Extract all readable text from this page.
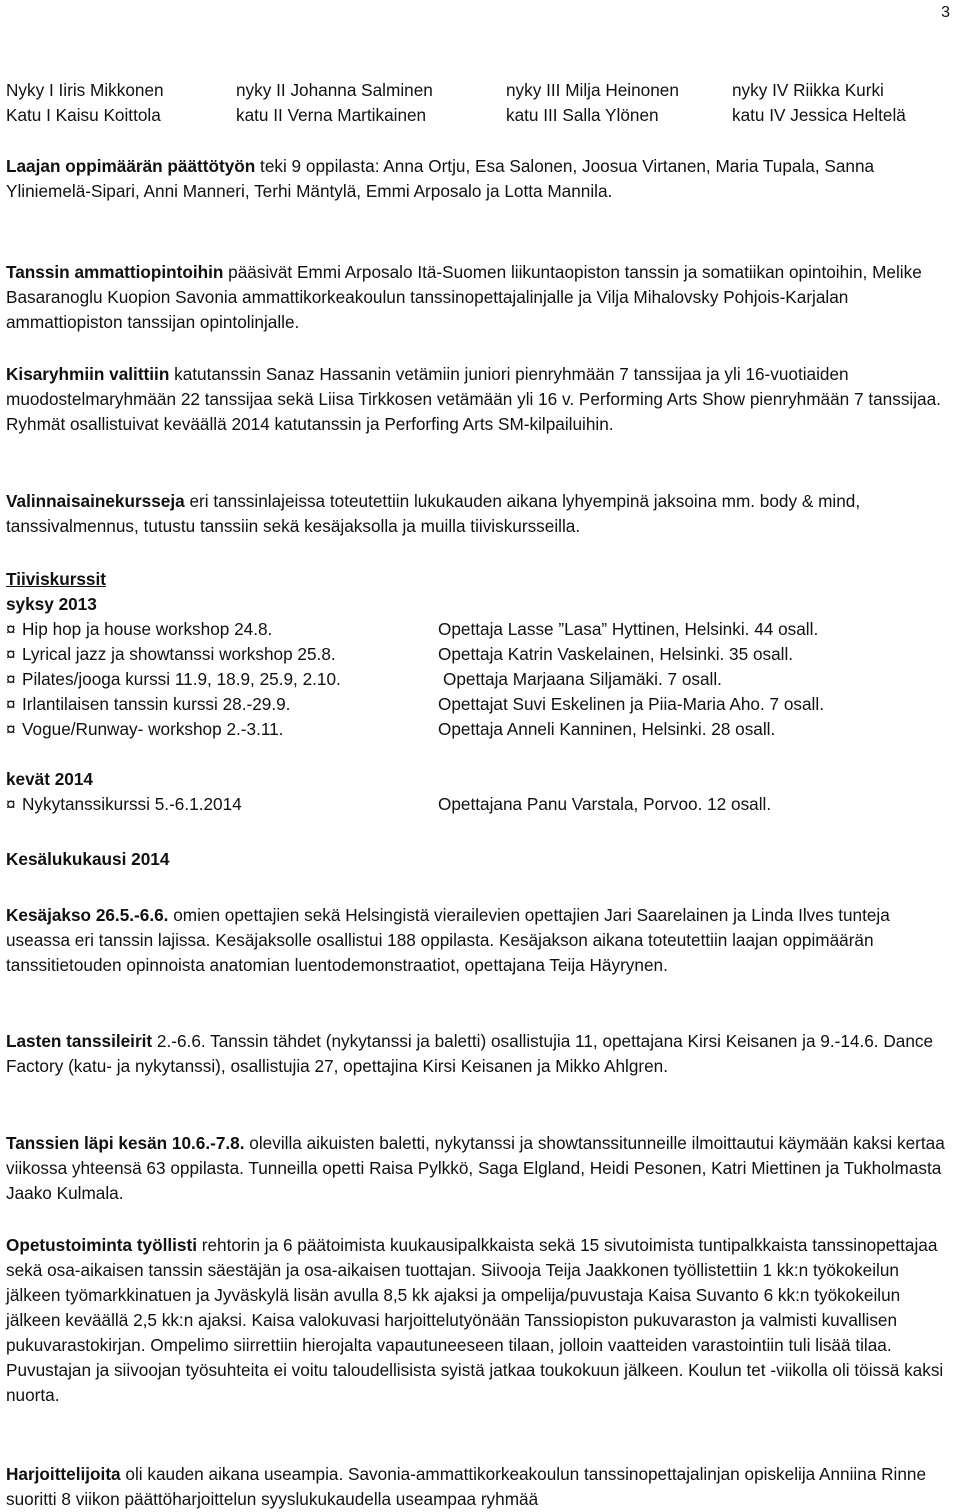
3
Nyky I Iiris Mikkonen	nyky II Johanna Salminen	nyky III Milja Heinonen	nyky IV Riikka Kurki
Katu I Kaisu Koittola	katu II Verna Martikainen	katu III Salla Ylönen	katu IV Jessica Heltelä

Laajan oppimäärän päättötyön teki 9 oppilasta: Anna Ortju, Esa Salonen, Joosua Virtanen, Maria Tupala, Sanna Yliniemelä-Sipari, Anni Manneri, Terhi Mäntylä, Emmi Arposalo ja Lotta Mannila.

Tanssin ammattiopintoihin pääsivät Emmi Arposalo Itä-Suomen liikuntaopiston tanssin ja somatiikan opintoihin, Melike Basaranoglu Kuopion Savonia ammattikorkeakoulun tanssinopettajalinjalle ja Vilja Mihalovsky Pohjois-Karjalan ammattiopiston tanssijan opintolinjalle.

Kisaryhmiin valittiin katutanssin Sanaz Hassanin vetämiin juniori pienryhmään 7 tanssijaa ja yli 16-vuotiaiden muodostelmaryhmään 22 tanssijaa sekä Liisa Tirkkosen vetämään yli 16 v. Performing Arts Show pienryhmään 7 tanssijaa. Ryhmät osallistuivat keväällä 2014 katutanssin ja Perforfing Arts SM-kilpailuihin.

Valinnaisainekursseja eri tanssinlajeissa toteutettiin lukukauden aikana lyhyempinä jaksoina mm. body & mind, tanssivalmennus, tutustu tanssiin sekä kesäjaksolla ja muilla tiiviskursseilla.

Tiiviskurssit
syksy 2013
¤ Hip hop ja house workshop 24.8.	Opettaja Lasse ”Lasa” Hyttinen, Helsinki. 44 osall.
¤ Lyrical jazz ja showtanssi workshop 25.8.	Opettaja Katrin Vaskelainen, Helsinki. 35 osall.
¤ Pilates/jooga kurssi 11.9, 18.9, 25.9, 2.10.	Opettaja Marjaana Siljamäki. 7 osall.
¤ Irlantilaisen tanssin kurssi 28.-29.9.	Opettajat Suvi Eskelinen ja Piia-Maria Aho. 7 osall.
¤ Vogue/Runway- workshop 2.-3.11.	Opettaja Anneli Kanninen, Helsinki. 28 osall.
kevät 2014
¤ Nykytanssikurssi 5.-6.1.2014	Opettajana Panu Varstala, Porvoo. 12 osall.
Kesälukukausi 2014

Kesäjakso 26.5.-6.6. omien opettajien sekä Helsingistä vierailevien opettajien Jari Saarelainen ja Linda Ilves tunteja useassa eri tanssin lajissa. Kesäjaksolle osallistui 188 oppilasta. Kesäjakson aikana toteutettiin laajan oppimäärän tanssitietouden opinnoista anatomian luentodemonstraatiot, opettajana Teija Häyrynen.

Lasten tanssileirit 2.-6.6. Tanssin tähdet (nykytanssi ja baletti) osallistujia 11, opettajana Kirsi Keisanen ja 9.-14.6. Dance Factory (katu- ja nykytanssi), osallistujia 27, opettajina Kirsi Keisanen ja Mikko Ahlgren.

Tanssien läpi kesän 10.6.-7.8. olevilla aikuisten baletti, nykytanssi ja showtanssitunneille ilmoittautui käymään kaksi kertaa viikossa yhteensä 63 oppilasta. Tunneilla opetti Raisa Pylkkö, Saga Elgland, Heidi Pesonen, Katri Miettinen ja Tukholmasta Jaako Kulmala.

Opetustoiminta työllisti rehtorin ja 6 päätoimista kuukausipalkkaista sekä 15 sivutoimista tuntipalkkaista tanssinopettajaa sekä osa-aikaisen tanssin säestäjän ja osa-aikaisen tuottajan. Siivooja Teija Jaakkonen työllistettiin 1 kk:n työkokeilun jälkeen työmarkkinatuen ja Jyväskylä lisän avulla 8,5 kk ajaksi ja ompelija/puvustaja Kaisa Suvanto 6 kk:n työkokeilun jälkeen keväällä 2,5 kk:n ajaksi. Kaisa valokuvasi harjoittelutyönään Tanssiopiston pukuvaraston ja valmisti kuvallisen pukuvarastokirjan. Ompelimo siirrettiin hierojalta vapautuneeseen tilaan, jolloin vaatteiden varastointiin tuli lisää tilaa. Puvustajan ja siivoojan työsuhteita ei voitu taloudellisista syistä jatkaa toukokuun jälkeen. Koulun tet -viikolla oli töissä kaksi nuorta.

Harjoittelijoita oli kauden aikana useampia. Savonia-ammattikorkeakoulun tanssinopettajalinjan opiskelija Anniina Rinne suoritti 8 viikon päättöharjoittelun syyslukukaudella useampaa ryhmää
